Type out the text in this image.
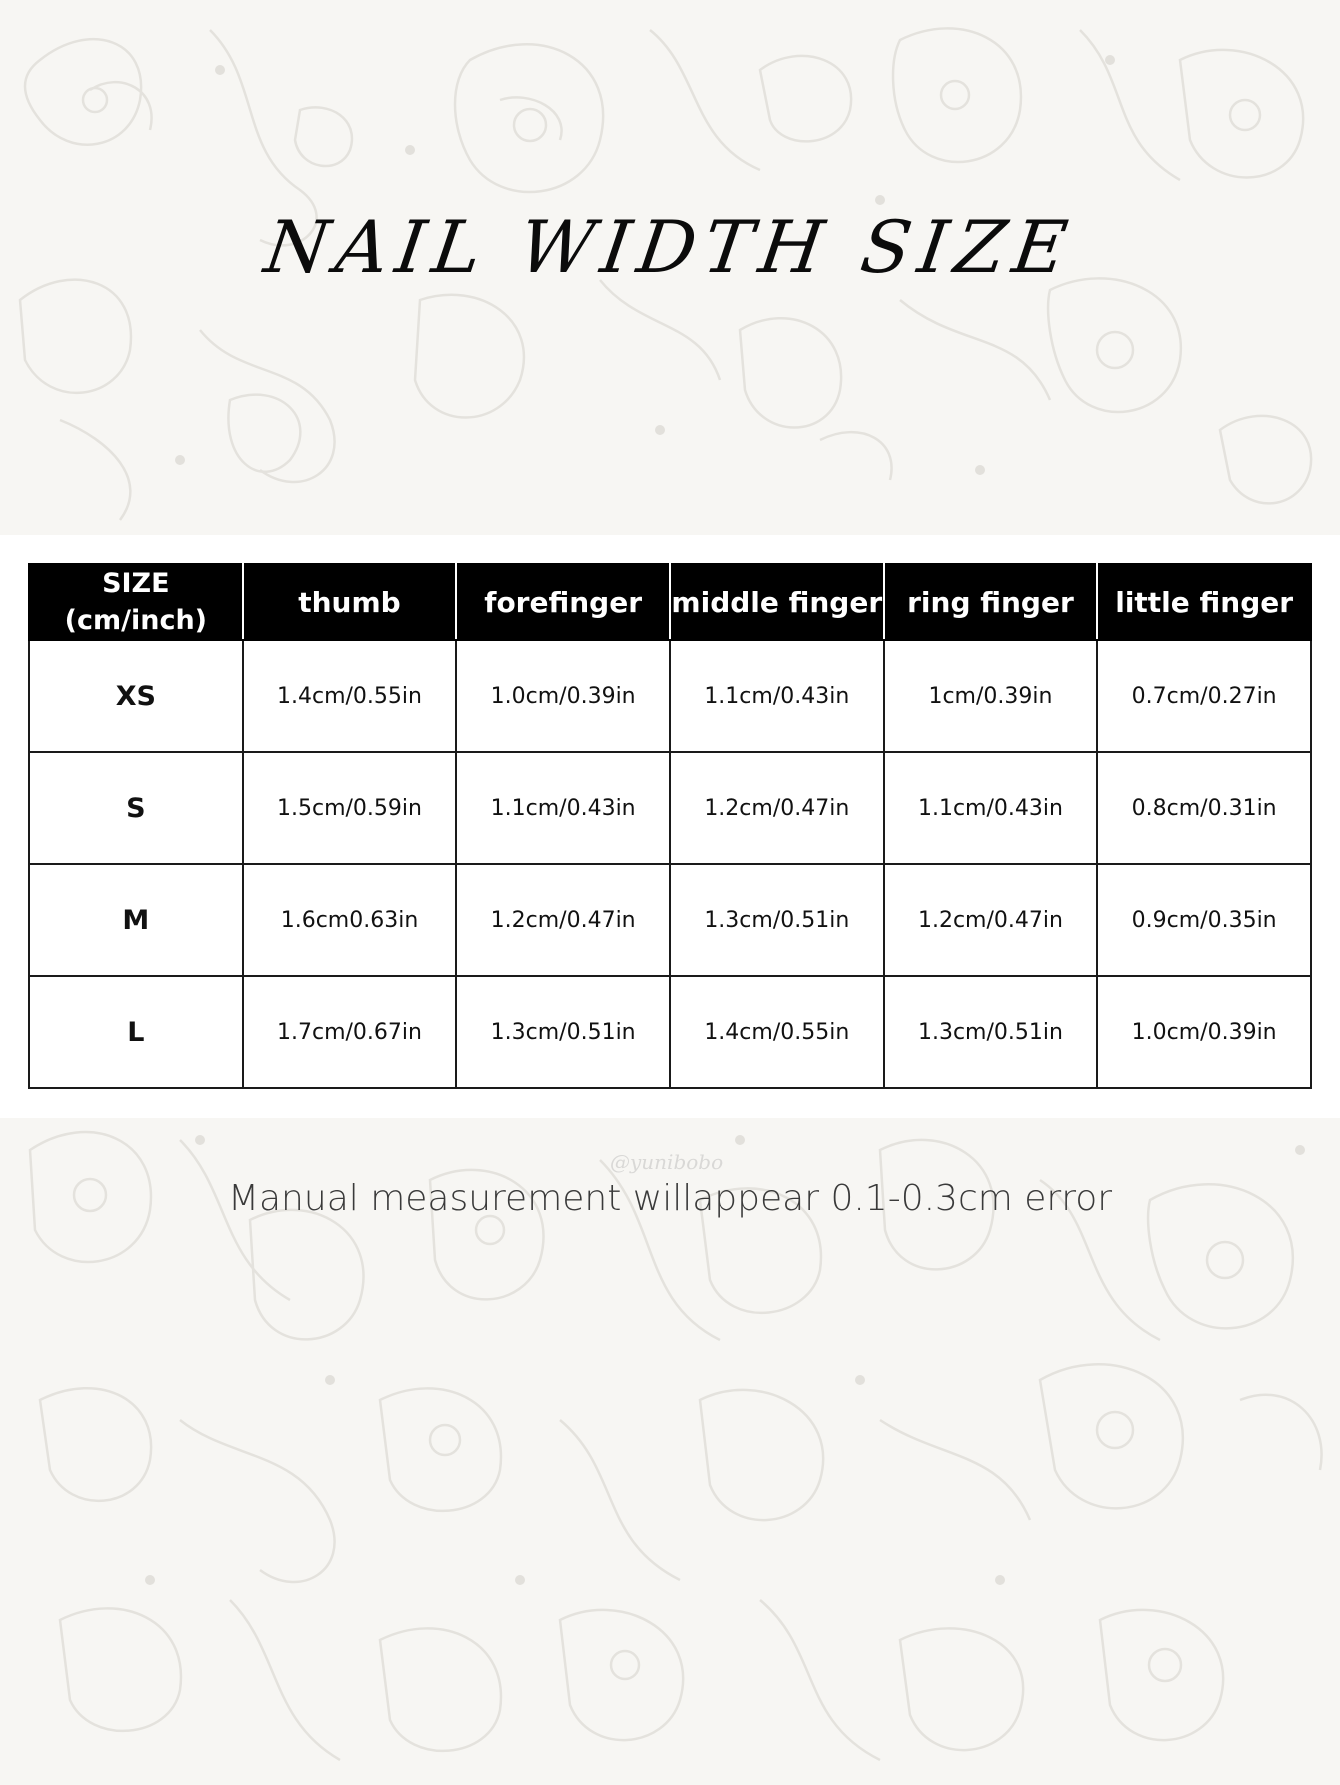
NAIL WIDTH SIZE
SIZE
(cm/inch)	thumb	forefinger	middle finger	ring finger	little finger
XS	1.4cm/0.55in	1.0cm/0.39in	1.1cm/0.43in	1cm/0.39in	0.7cm/0.27in
S	1.5cm/0.59in	1.1cm/0.43in	1.2cm/0.47in	1.1cm/0.43in	0.8cm/0.31in
M	1.6cm0.63in	1.2cm/0.47in	1.3cm/0.51in	1.2cm/0.47in	0.9cm/0.35in
L	1.7cm/0.67in	1.3cm/0.51in	1.4cm/0.55in	1.3cm/0.51in	1.0cm/0.39in
@yunibobo
Manual measurement willappear 0.1-0.3cm error
